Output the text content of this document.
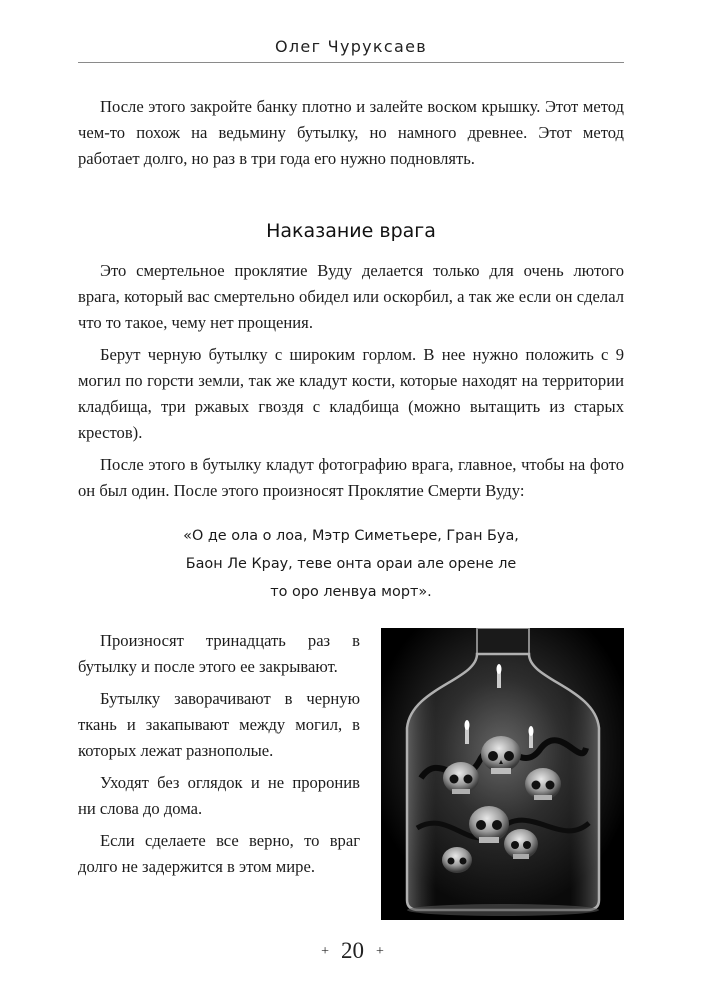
Олег Чуруксаев

После этого закройте банку плотно и залейте воском крышку. Этот метод чем-то похож на ведьмину бутылку, но намного древнее. Этот метод работает долго, но раз в три года его нужно подновлять.

Наказание врага

Это смертельное проклятие Вуду делается только для очень лютого врага, который вас смертельно обидел или оскорбил, а так же если он сделал что то такое, чему нет прощения.

Берут черную бутылку с широким горлом. В нее нужно положить с 9 могил по горсти земли, так же кладут кости, которые находят на территории кладбища, три ржавых гвоздя с кладбища (можно вытащить из старых крестов).

После этого в бутылку кладут фотографию врага, главное, чтобы на фото он был один. После этого произносят Проклятие Смерти Вуду:

«О де ола о лоа, Мэтр Симетьере, Гран Буа,
Баон Ле Крау, теве онта ораи але орене ле
то оро ленвуа морт».

Произносят тринадцать раз в бутылку и после этого ее закрывают.

Бутылку заворачивают в черную ткань и закапывают между могил, в которых лежат разнополые.

Уходят без оглядок и не проронив ни слова до дома.

Если сделаете все верно, то враг долго не задержится в этом мире.

+ 20 +
